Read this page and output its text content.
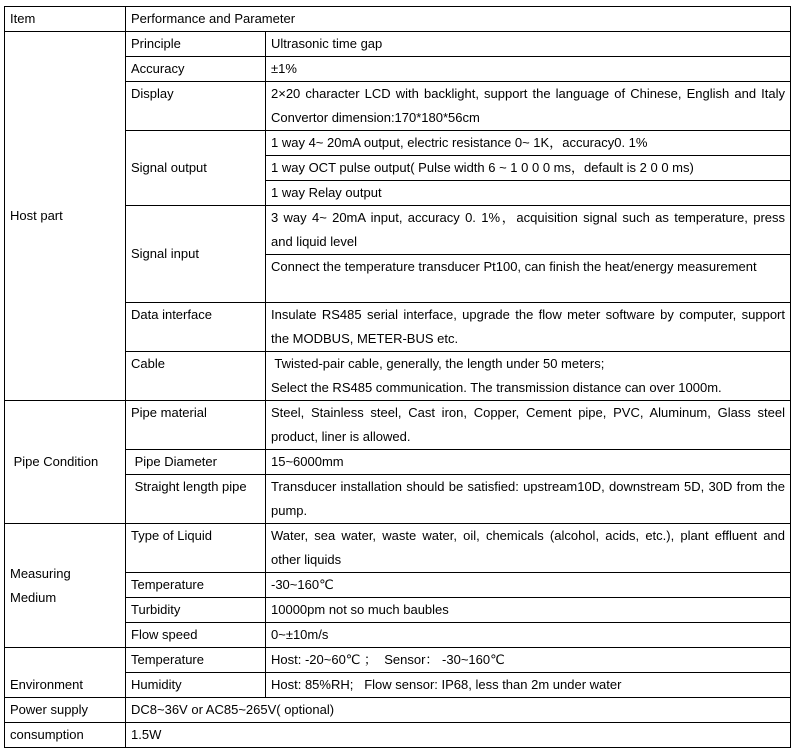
Item	Performance and Parameter	
Host part	Principle	Ultrasonic time gap
	Accuracy	±1%
	Display	2×20 character LCD with backlight, support the language of Chinese, English and Italy Convertor dimension:170*180*56cm
	Signal output	1 way 4~ 20mA output, electric resistance 0~ 1K，accuracy0. 1%
		1 way OCT pulse output( Pulse width 6 ~ 1 0 0 0 ms，default is 2 0 0 ms)
		1 way Relay output
	Signal input	3 way 4~ 20mA input, accuracy 0. 1%，acquisition signal such as temperature, press and liquid level
		Connect the temperature transducer Pt100, can finish the heat/energy measurement
	Data interface	Insulate RS485 serial interface, upgrade the flow meter software by computer, support the MODBUS, METER-BUS etc.
	Cable	Twisted-pair cable, generally, the length under 50 meters;
Select the RS485 communication. The transmission distance can over 1000m.

Pipe Condition	Pipe material	Steel, Stainless steel, Cast iron, Copper, Cement pipe, PVC, Aluminum, Glass steel product, liner is allowed.
	Pipe Diameter	15~6000mm
	Straight length pipe	Transducer installation should be satisfied: upstream10D, downstream 5D, 30D from the pump.
Measuring Medium	Type of Liquid	Water, sea water, waste water, oil, chemicals (alcohol, acids, etc.), plant effluent and other liquids
	Temperature	-30~160℃
	Turbidity	10000pm not so much baubles
	Flow speed	0~±10m/s
Environment	Temperature	Host: -20~60℃ ；  Sensor： -30~160℃
	Humidity	Host: 85%RH;   Flow sensor: IP68, less than 2m under water
Power supply	DC8~36V or AC85~265V( optional)	
consumption	1.5W	
